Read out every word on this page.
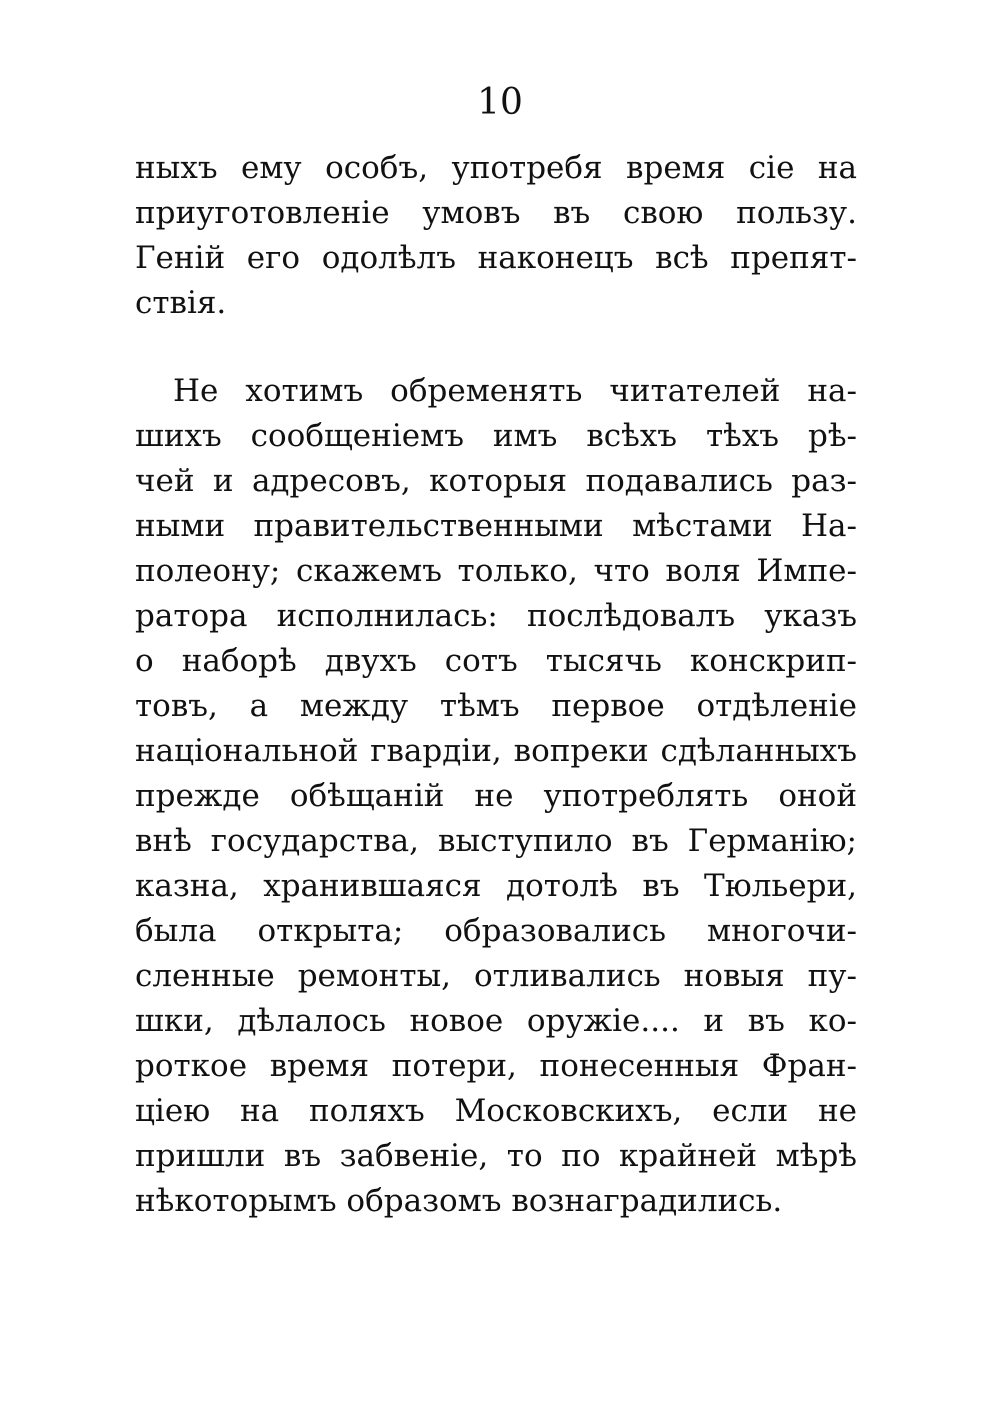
10
ныхъ ему особъ, употребя время сіе на
приуготовленіе умовъ въ свою пользу.
Геній его одолѣлъ наконецъ всѣ препят-
ствія.
Не хотимъ обременять читателей на-
шихъ сообщеніемъ имъ всѣхъ тѣхъ рѣ-
чей и адресовъ, которыя подавались раз-
ными правительственными мѣстами На-
полеону; скажемъ только, что воля Импе-
ратора исполнилась: послѣдовалъ указъ
о наборѣ двухъ сотъ тысячь конскрип-
товъ, а между тѣмъ первое отдѣленіе
національной гвардіи, вопреки сдѣланныхъ
прежде обѣщаній не употреблять оной
внѣ государства, выступило въ Германію;
казна, хранившаяся дотолѣ въ Тюльери,
была открыта; образовались многочи-
сленные ремонты, отливались новыя пу-
шки, дѣлалось новое оружіе.... и въ ко-
роткое время потери, понесенныя Фран-
ціею на поляхъ Московскихъ, если не
пришли въ забвеніе, то по крайней мѣрѣ
нѣкоторымъ образомъ вознаградились.
